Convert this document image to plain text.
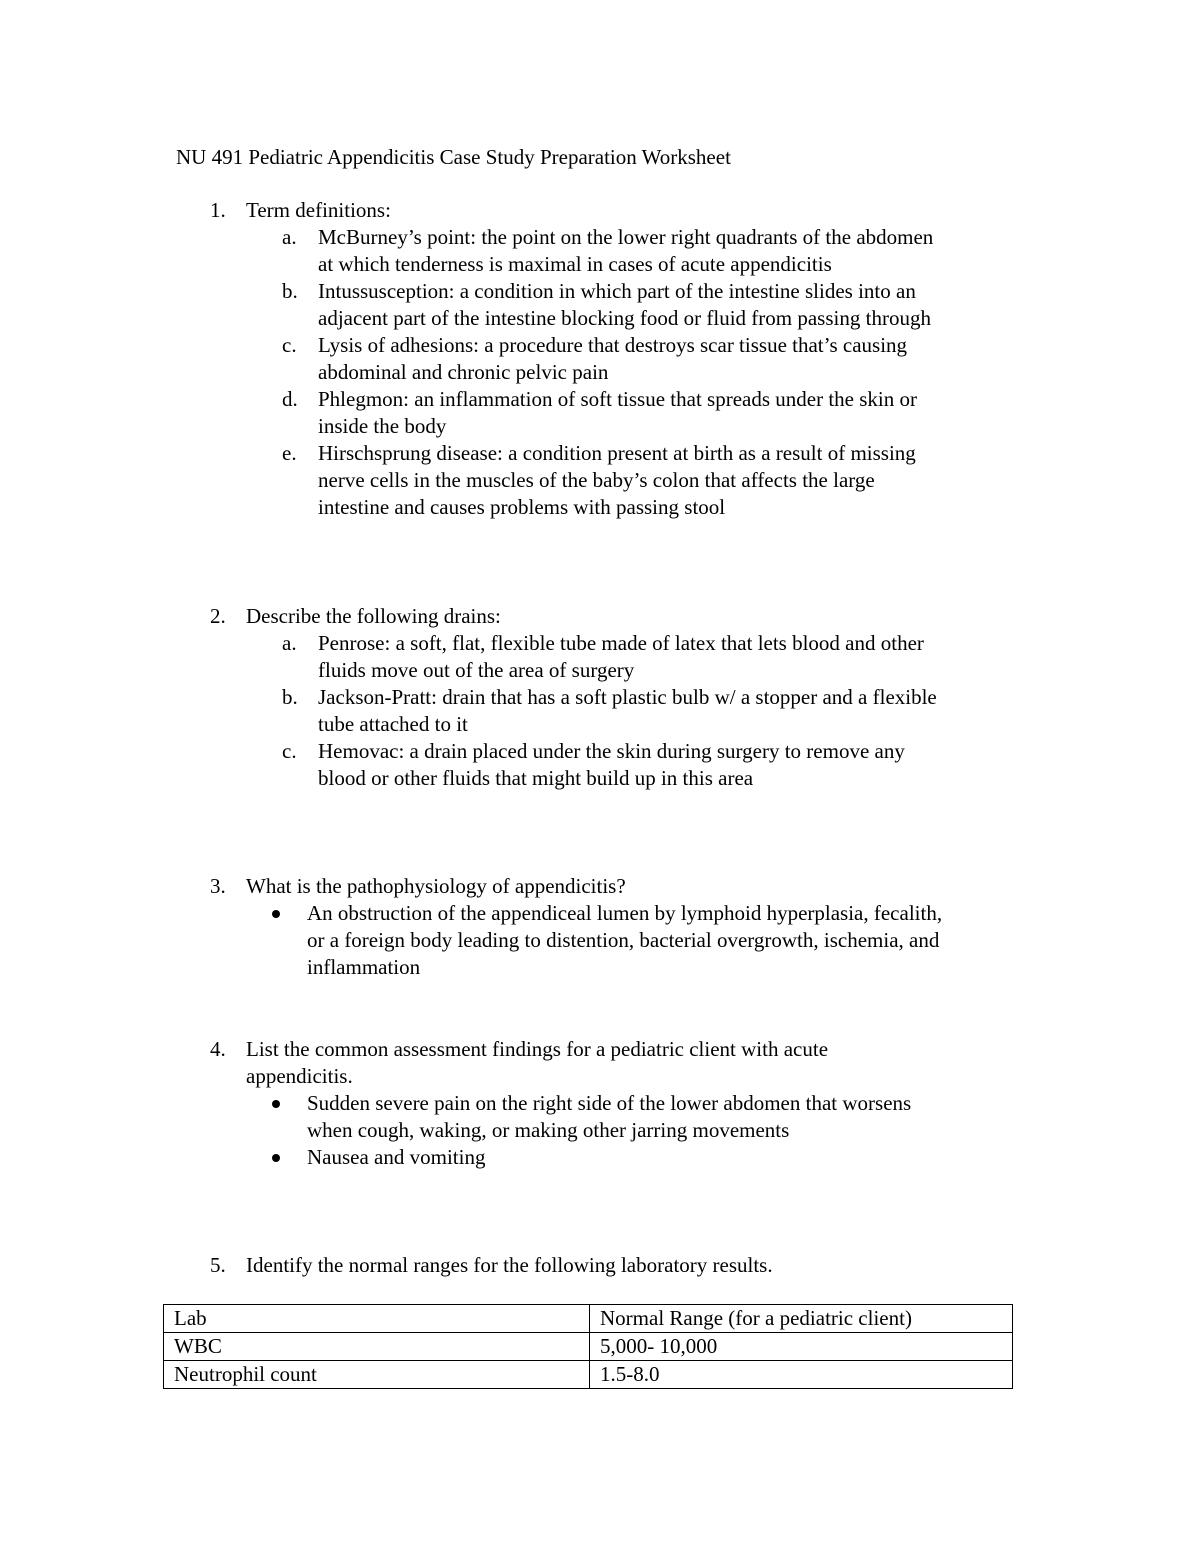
NU 491 Pediatric Appendicitis Case Study Preparation Worksheet
1. Term definitions:
a. McBurney’s point: the point on the lower right quadrants of the abdomen
at which tenderness is maximal in cases of acute appendicitis
b. Intussusception: a condition in which part of the intestine slides into an
adjacent part of the intestine blocking food or fluid from passing through
c. Lysis of adhesions: a procedure that destroys scar tissue that’s causing
abdominal and chronic pelvic pain
d. Phlegmon: an inflammation of soft tissue that spreads under the skin or
inside the body
e. Hirschsprung disease: a condition present at birth as a result of missing
nerve cells in the muscles of the baby’s colon that affects the large
intestine and causes problems with passing stool
2. Describe the following drains:
a. Penrose: a soft, flat, flexible tube made of latex that lets blood and other
fluids move out of the area of surgery
b. Jackson-Pratt: drain that has a soft plastic bulb w/ a stopper and a flexible
tube attached to it
c. Hemovac: a drain placed under the skin during surgery to remove any
blood or other fluids that might build up in this area
3. What is the pathophysiology of appendicitis?
An obstruction of the appendiceal lumen by lymphoid hyperplasia, fecalith,
or a foreign body leading to distention, bacterial overgrowth, ischemia, and
inflammation
4. List the common assessment findings for a pediatric client with acute
appendicitis.
Sudden severe pain on the right side of the lower abdomen that worsens
when cough, waking, or making other jarring movements
Nausea and vomiting
5. Identify the normal ranges for the following laboratory results.
Lab	Normal Range (for a pediatric client)
WBC	5,000- 10,000
Neutrophil count	1.5-8.0
